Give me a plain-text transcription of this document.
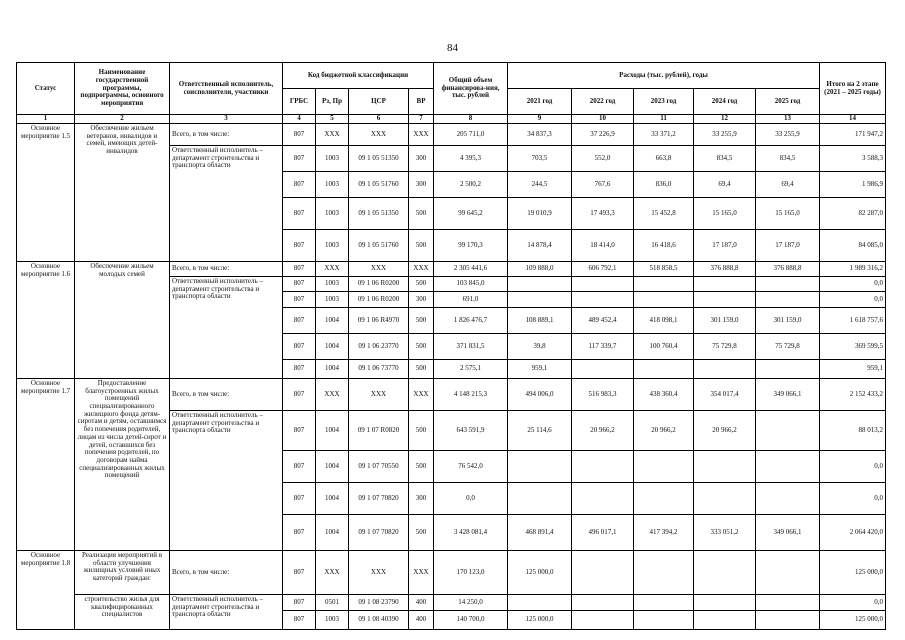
84
Статус	Наименование государственной программы, подпрограммы, основного мероприятия	Ответственный исполнитель, соисполнители, участники	Код бюджетной классификации				Общий объем финансирова-ния, тыс. рублей	Расходы (тыс. рублей), годы					Итого на 2 этапе (2021 – 2025 годы)
			ГРБС	Рз, Пр	ЦСР	ВР		2021 год	2022 год	2023 год	2024 год	2025 год	
1	2	3	4	5	6	7	8	9	10	11	12	13	14
Основное мероприятие 1.5	Обеспечение жильем ветеранов, инвалидов и семей, имеющих детей-инвалидов	Всего, в том числе:	807	ХХХ	ХХХ	ХХХ	205 711,0	34 837,3	37 226,9	33 371,2	33 255,9	33 255,9	171 947,2
		Ответственный исполнитель – департамент строительства и транспорта области	807	1003	09 1 05 51350	300	4 395,3	703,5	552,0	663,8	834,5	834,5	3 588,3
			807	1003	09 1 05 51760	300	2 500,2	244,5	767,6	836,0	69,4	69,4	1 986,9
			807	1003	09 1 05 51350	500	99 645,2	19 010,9	17 493,3	15 452,8	15 165,0	15 165,0	82 287,0
			807	1003	09 1 05 51760	500	99 170,3	14 878,4	18 414,0	16 418,6	17 187,0	17 187,0	84 085,0
Основное мероприятие 1.6	Обеспечение жильем молодых семей	Всего, в том числе:	807	ХХХ	ХХХ	ХХХ	2 305 441,6	109 888,0	606 792,1	518 858,5	376 888,8	376 888,8	1 989 316,2
		Ответственный исполнитель – департамент строительства и транспорта области	807	1003	09 1 06 R0200	500	103 845,0						0,0
			807	1003	09 1 06 R0200	300	691,0						0,0
			807	1004	09 1 06 R4970	500	1 826 476,7	108 889,1	489 452,4	418 098,1	301 159,0	301 159,0	1 618 757,6
			807	1004	09 1 06 23770	500	371 831,5	39,8	117 339,7	100 760,4	75 729,8	75 729,8	369 599,5
			807	1004	09 1 06 73770	500	2 575,1	959,1					959,1
Основное мероприятие 1.7	Предоставление благоустроенных жилых помещений специализированного жилищного фонда детям-сиротам и детям, оставшимся без попечения родителей, лицам из числа детей-сирот и детей, оставшихся без попечения родителей, по договорам найма специализированных жилых помещений	Всего, в том числе:	807	ХХХ	ХХХ	ХХХ	4 148 215,3	494 006,0	516 983,3	438 360,4	354 017,4	349 066,1	2 152 433,2
		Ответственный исполнитель – департамент строительства и транспорта области	807	1004	09 1 07 R0820	500	643 591,9	25 114,6	20 966,2	20 966,2	20 966,2		88 013,2
			807	1004	09 1 07 70550	500	76 542,0						0,0
			807	1004	09 1 07 70820	300	0,0						0,0
			807	1004	09 1 07 70820	500	3 428 081,4	468 891,4	496 017,1	417 394,2	333 051,2	349 066,1	2 064 420,0
Основное мероприятие 1.8	Реализация мероприятий в области улучшения жилищных условий иных категорий граждан:	Всего, в том числе:	807	ХХХ	ХХХ	ХХХ	170 123,0	125 000,0					125 000,0
	строительство жилья для квалифицированных специалистов	Ответственный исполнитель – департамент строительства и транспорта области	807	0501	09 1 08 23790	400	14 250,0						0,0
			807	1003	09 1 08 40390	400	140 700,0	125 000,0					125 000,0
